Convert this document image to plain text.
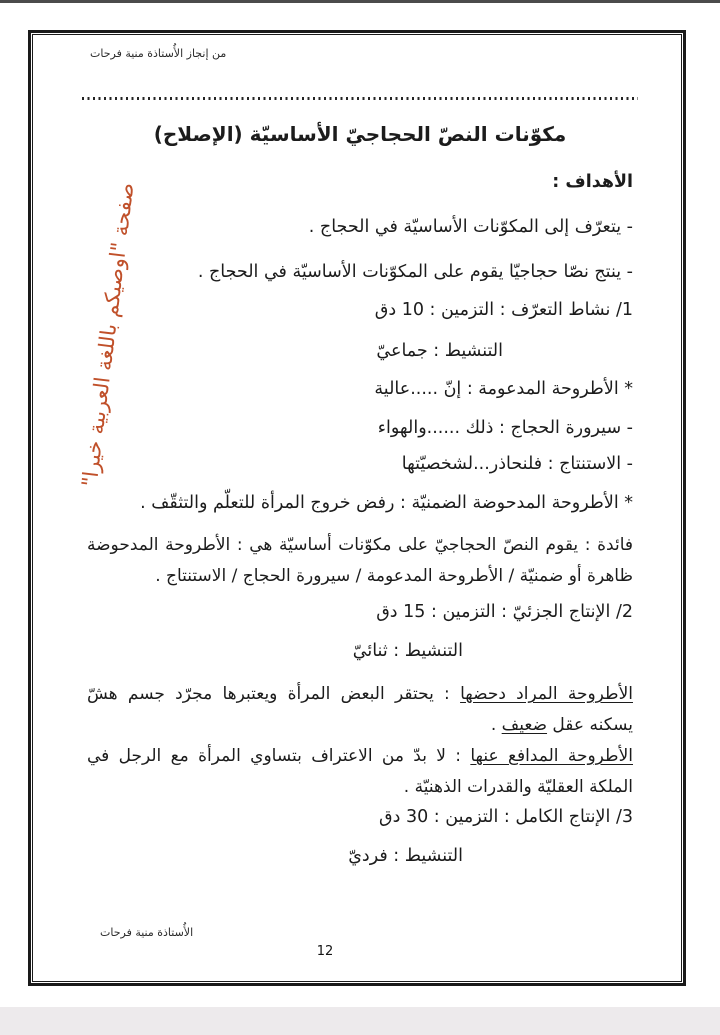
من إنجاز الأُستاذة منية فرحات
مكوّنات النصّ الحجاجيّ الأساسيّة (الإصلاح)
صفحة "اوصيكم باللغة العربية خيرا"	الأهداف :
- يتعرّف إلى المكوّنات الأساسيّة في الحجاج .
- ينتج نصّا حجاجيّا يقوم على المكوّنات الأساسيّة في الحجاج .
1/ نشاط التعرّف : التزمين : 10 دق
التنشيط : جماعيّ
* الأطروحة المدعومة : إنّ .....عالية
- سيرورة الحجاج : ذلك ......والهواء
- الاستنتاج : فلنحاذر...لشخصيّتها
* الأطروحة المدحوضة الضمنيّة : رفض خروج المرأة للتعلّم والتثقّف .
فائدة : يقوم النصّ الحجاجيّ على مكوّنات أساسيّة هي : الأطروحة المدحوضة ظاهرة أو ضمنيّة / الأطروحة المدعومة / سيرورة الحجاج / الاستنتاج .
2/ الإنتاج الجزئيّ : التزمين : 15 دق
التنشيط : ثنائيّ
الأطروحة المراد دحضها : يحتقر البعض المرأة ويعتبرها مجرّد جسم هشّ يسكنه عقل ضعيف .
الأطروحة المدافع عنها : لا بدّ من الاعتراف بتساوي المرأة مع الرجل في الملكة العقليّة والقدرات الذهنيّة .
3/ الإنتاج الكامل : التزمين : 30 دق
التنشيط : فرديّ
الأُستاذة منية فرحات
12
